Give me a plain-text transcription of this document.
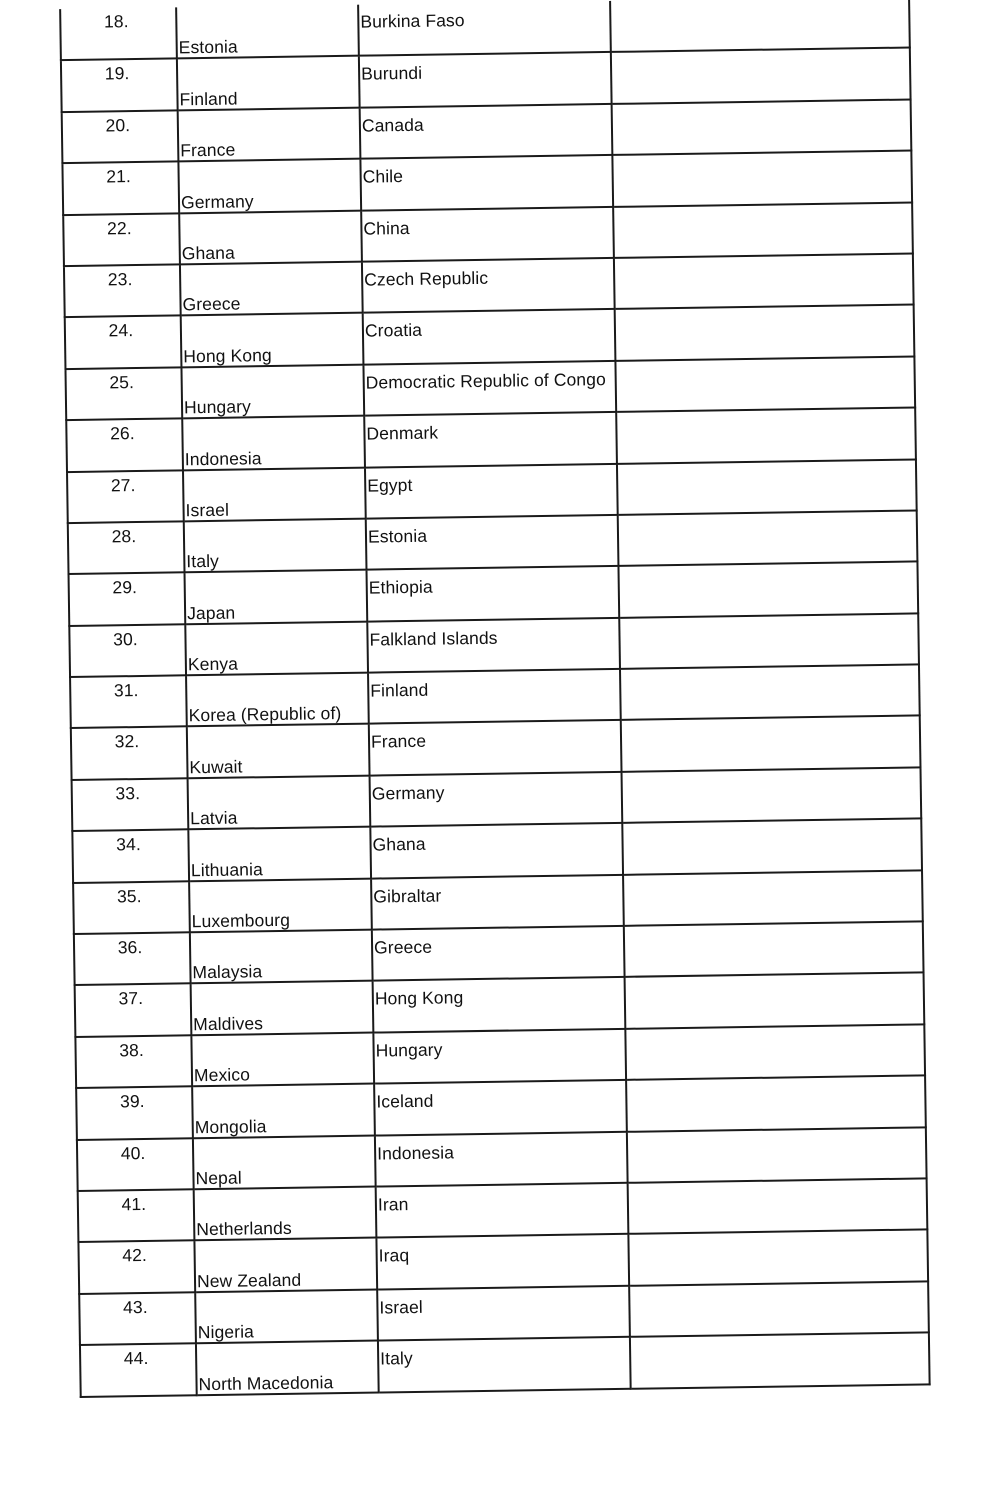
18.	Estonia	Burkina Faso	
19.	Finland	Burundi	
20.	France	Canada	
21.	Germany	Chile	
22.	Ghana	China	
23.	Greece	Czech Republic	
24.	Hong Kong	Croatia	
25.	Hungary	Democratic Republic of Congo	
26.	Indonesia	Denmark	
27.	Israel	Egypt	
28.	Italy	Estonia	
29.	Japan	Ethiopia	
30.	Kenya	Falkland Islands	
31.	Korea (Republic of)	Finland	
32.	Kuwait	France	
33.	Latvia	Germany	
34.	Lithuania	Ghana	
35.	Luxembourg	Gibraltar	
36.	Malaysia	Greece	
37.	Maldives	Hong Kong	
38.	Mexico	Hungary	
39.	Mongolia	Iceland	
40.	Nepal	Indonesia	
41.	Netherlands	Iran	
42.	New Zealand	Iraq	
43.	Nigeria	Israel	
44.	North Macedonia	Italy	
